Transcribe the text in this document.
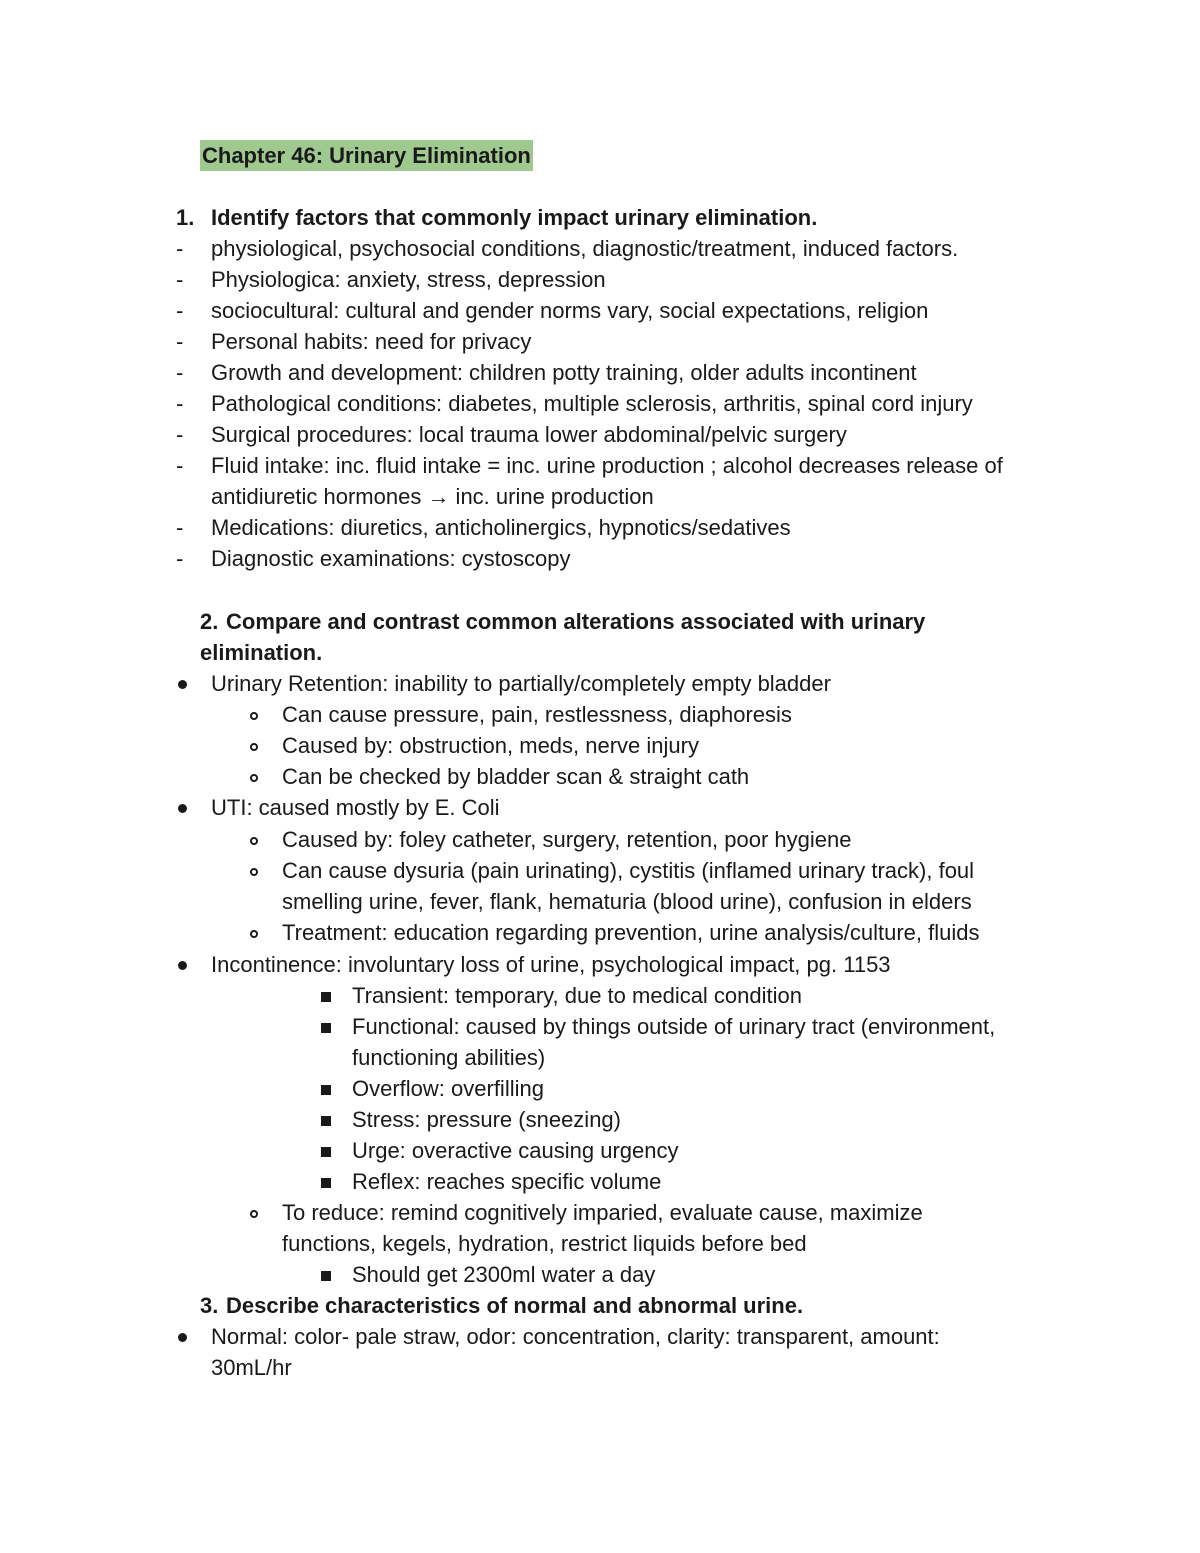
Chapter 46: Urinary Elimination
1. Identify factors that commonly impact urinary elimination.
- physiological, psychosocial conditions, diagnostic/treatment, induced factors.
- Physiologica: anxiety, stress, depression
- sociocultural: cultural and gender norms vary, social expectations, religion
- Personal habits: need for privacy
- Growth and development: children potty training, older adults incontinent
- Pathological conditions: diabetes, multiple sclerosis, arthritis, spinal cord injury
- Surgical procedures: local trauma lower abdominal/pelvic surgery
- Fluid intake: inc. fluid intake = inc. urine production ; alcohol decreases release of
antidiuretic hormones → inc. urine production
- Medications: diuretics, anticholinergics, hypnotics/sedatives
- Diagnostic examinations: cystoscopy
2. Compare and contrast common alterations associated with urinary
elimination.
Urinary Retention: inability to partially/completely empty bladder
Can cause pressure, pain, restlessness, diaphoresis
Caused by: obstruction, meds, nerve injury
Can be checked by bladder scan & straight cath
UTI: caused mostly by E. Coli
Caused by: foley catheter, surgery, retention, poor hygiene
Can cause dysuria (pain urinating), cystitis (inflamed urinary track), foul
smelling urine, fever, flank, hematuria (blood urine), confusion in elders
Treatment: education regarding prevention, urine analysis/culture, fluids
Incontinence: involuntary loss of urine, psychological impact, pg. 1153
Transient: temporary, due to medical condition
Functional: caused by things outside of urinary tract (environment,
functioning abilities)
Overflow: overfilling
Stress: pressure (sneezing)
Urge: overactive causing urgency
Reflex: reaches specific volume
To reduce: remind cognitively imparied, evaluate cause, maximize
functions, kegels, hydration, restrict liquids before bed
Should get 2300ml water a day
3. Describe characteristics of normal and abnormal urine.
Normal: color- pale straw, odor: concentration, clarity: transparent, amount:
30mL/hr
